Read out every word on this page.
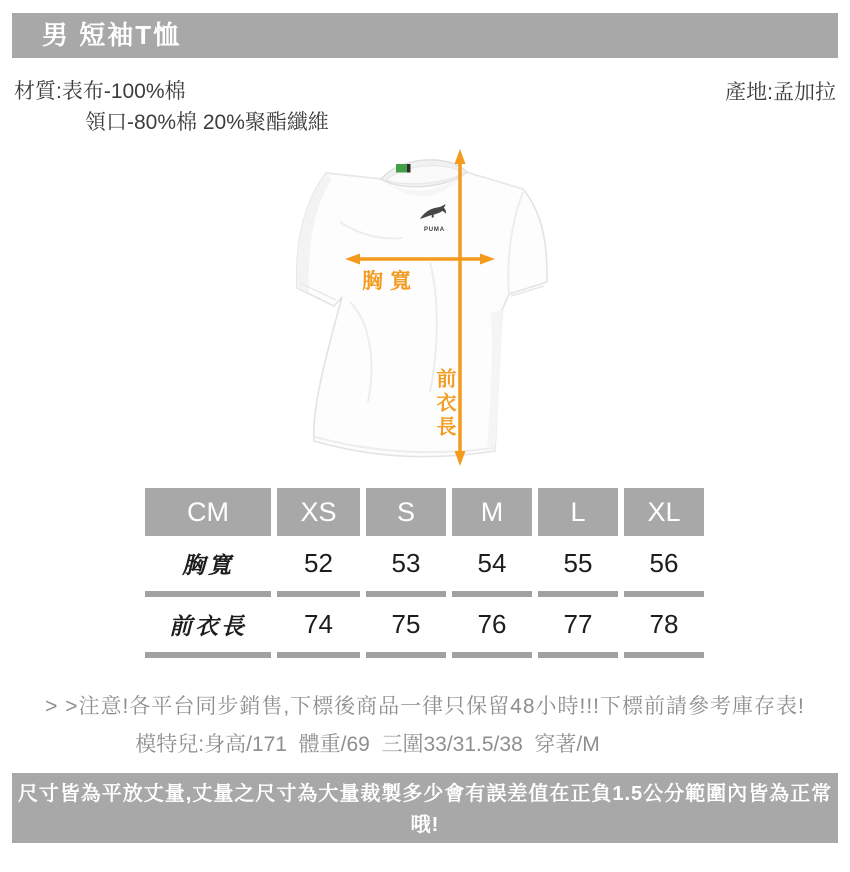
男 短袖T恤
材質:表布-100%棉
領口-80%棉 20%聚酯纖維
產地:孟加拉
PUMA
胸寬
前衣長
CM	XS	S	M	L	XL
胸寬	52	53	54	55	56
前衣長	74	75	76	77	78

> >注意!各平台同步銷售,下標後商品一律只保留48小時!!!下標前請參考庫存表!

模特兒:身高/171  體重/69  三圍33/31.5/38  穿著/M

尺寸皆為平放丈量,丈量之尺寸為大量裁製多少會有誤差值在正負1.5公分範圍內皆為正常哦!
因拍照光線及螢幕顯示略有色差,顏色以實物為準。
